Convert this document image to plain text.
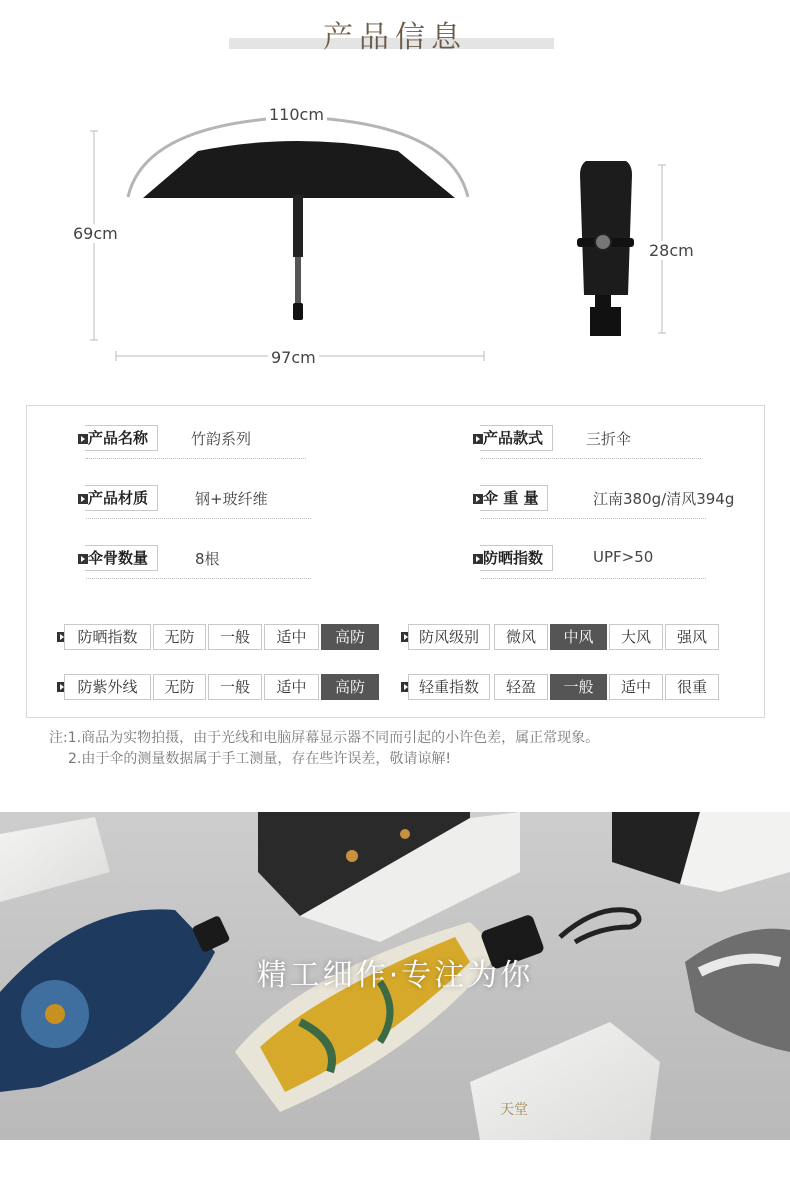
产品信息
110cm
69cm
97cm
28cm
产品名称	竹韵系列	产品款式	三折伞
产品材质	钢+玻纤维	伞 重 量	江南380g/清风394g
伞骨数量	8根	防晒指数	UPF>50
防晒指数	无防	一般	适中	高防	防风级别	微风	中风	大风	强风
防紫外线	无防	一般	适中	高防	轻重指数	轻盈	一般	适中	很重

注:1.商品为实物拍摄，由于光线和电脑屏幕显示器不同而引起的小许色差，属正常现象。

2.由于伞的测量数据属于手工测量，存在些许误差，敬请谅解!

天堂
精工细作·专注为你
